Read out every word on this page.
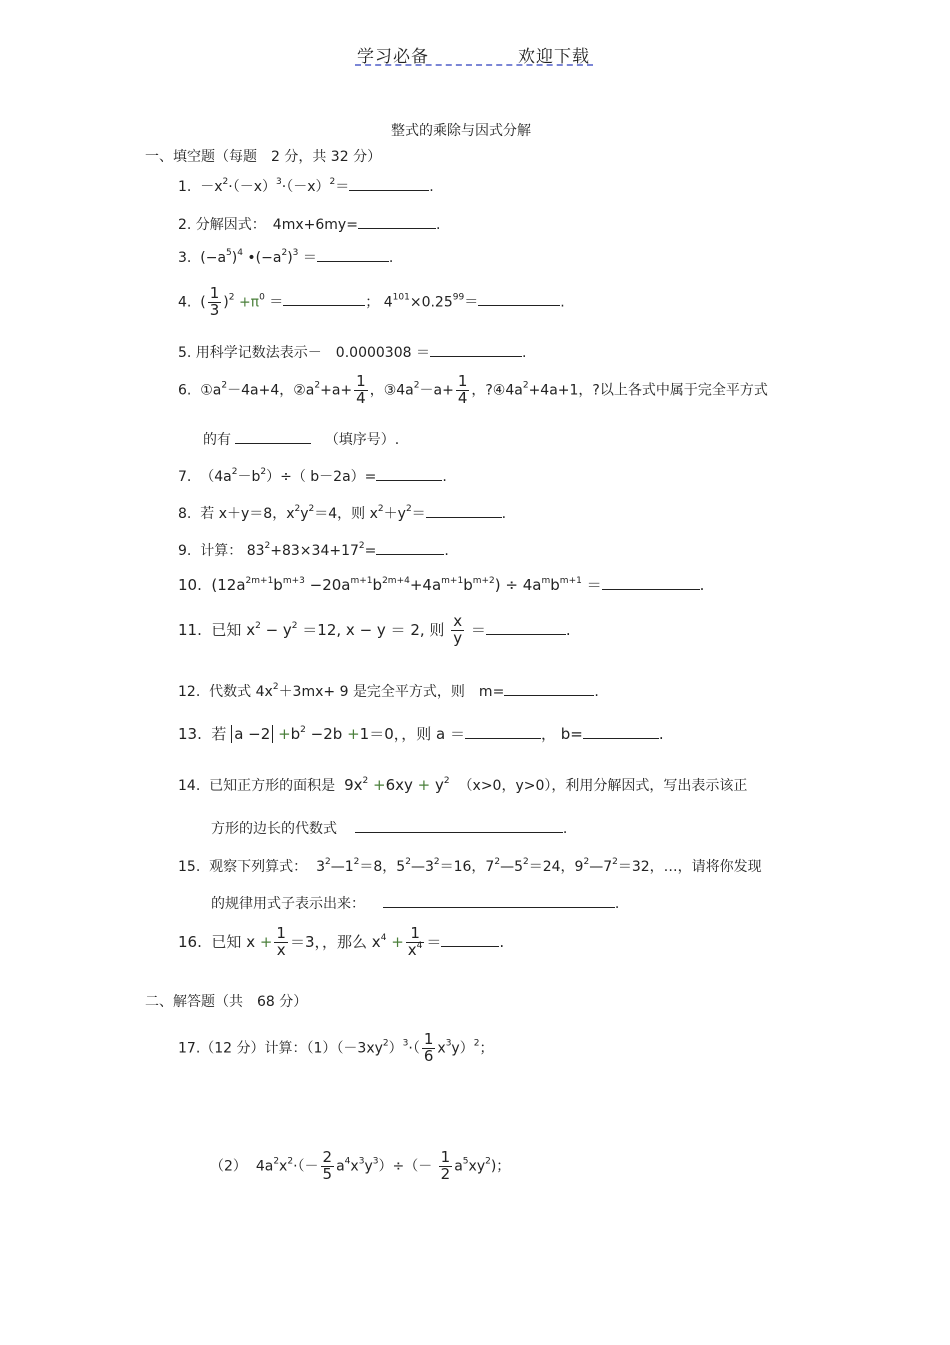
学习必备	欢迎下载
整式的乘除与因式分解
一、填空题（每题　2 分，共 32 分）
1.  $-x^2\cdot(-x)^3\cdot(-x)^2=$	.
2. 分解因式：　4mx+6my=	.
3.  $(-a^5)^4$ $•(-a^2)^3$ ＝	.
4.  ( $\frac{1}{3} )^2 +\pi^0$ ＝	； $4^{101}\times 0.25^{99}=$	.
5. 用科学记数法表示－　0.0000308 ＝	.
6.  $①a^2-4a+4$，$②a^2+a+ \frac{1}{4}$ ，$③4a^2-a+ \frac{1}{4}$ ，$?④4a^2+4a+1$，?以上各式中属于完全平方式
的有	（填序号）.
7.  $(4a^2-b^2)\div$（ b－2a）=	.
8. 若 x＋y＝8，$x^2y^2=4$，则 $x^2+y^2=$	.
9. 计算： $83^2+83\times 34+17^2=$	.
10.  $(12a^{2m+1}b^{m+3} -20a^{m+1}b^{2m+4}+4a^{m+1}b^{m+2}) \div 4a^mb^{m+1}$ ＝	.
11. 已知 $x^2 - y^2 =12$, x − y ＝ 2, 则 $\frac{x}{y}$ ＝	.
12. 代数式 $4x^2+3mx+ 9$ 是完全平方式，则　m=	.
13. 若 $a -2 +b^2 -2b +1=0$，，则 a ＝	， b=	.
14. 已知正方形的面积是 $9x^2 +6xy + y^2$ （x>0，y>0），利用分解因式，写出表示该正
方形的边长的代数式	.
15. 观察下列算式：  $3^2—1^2=8$，$5^2—3^2=16$，$7^2—5^2=24$，$9^2—7^2=32$，…，请将你发现
的规律用式子表示出来：	.
16. 已知 $x + \frac{1}{x} =3$，，那么 $x^4 + \frac{1}{x^4}$ ＝	.
二、解答题（共　68 分）
17.（12 分）计算：$(1)(-3xy^2)^3\cdot( \frac{1}{6} x^3y)^2$；
（2）  $4a^2x^2\cdot(- \frac{2}{5} a^4x^3y^3)\div(- \frac{1}{2} a^5xy^2)$；
